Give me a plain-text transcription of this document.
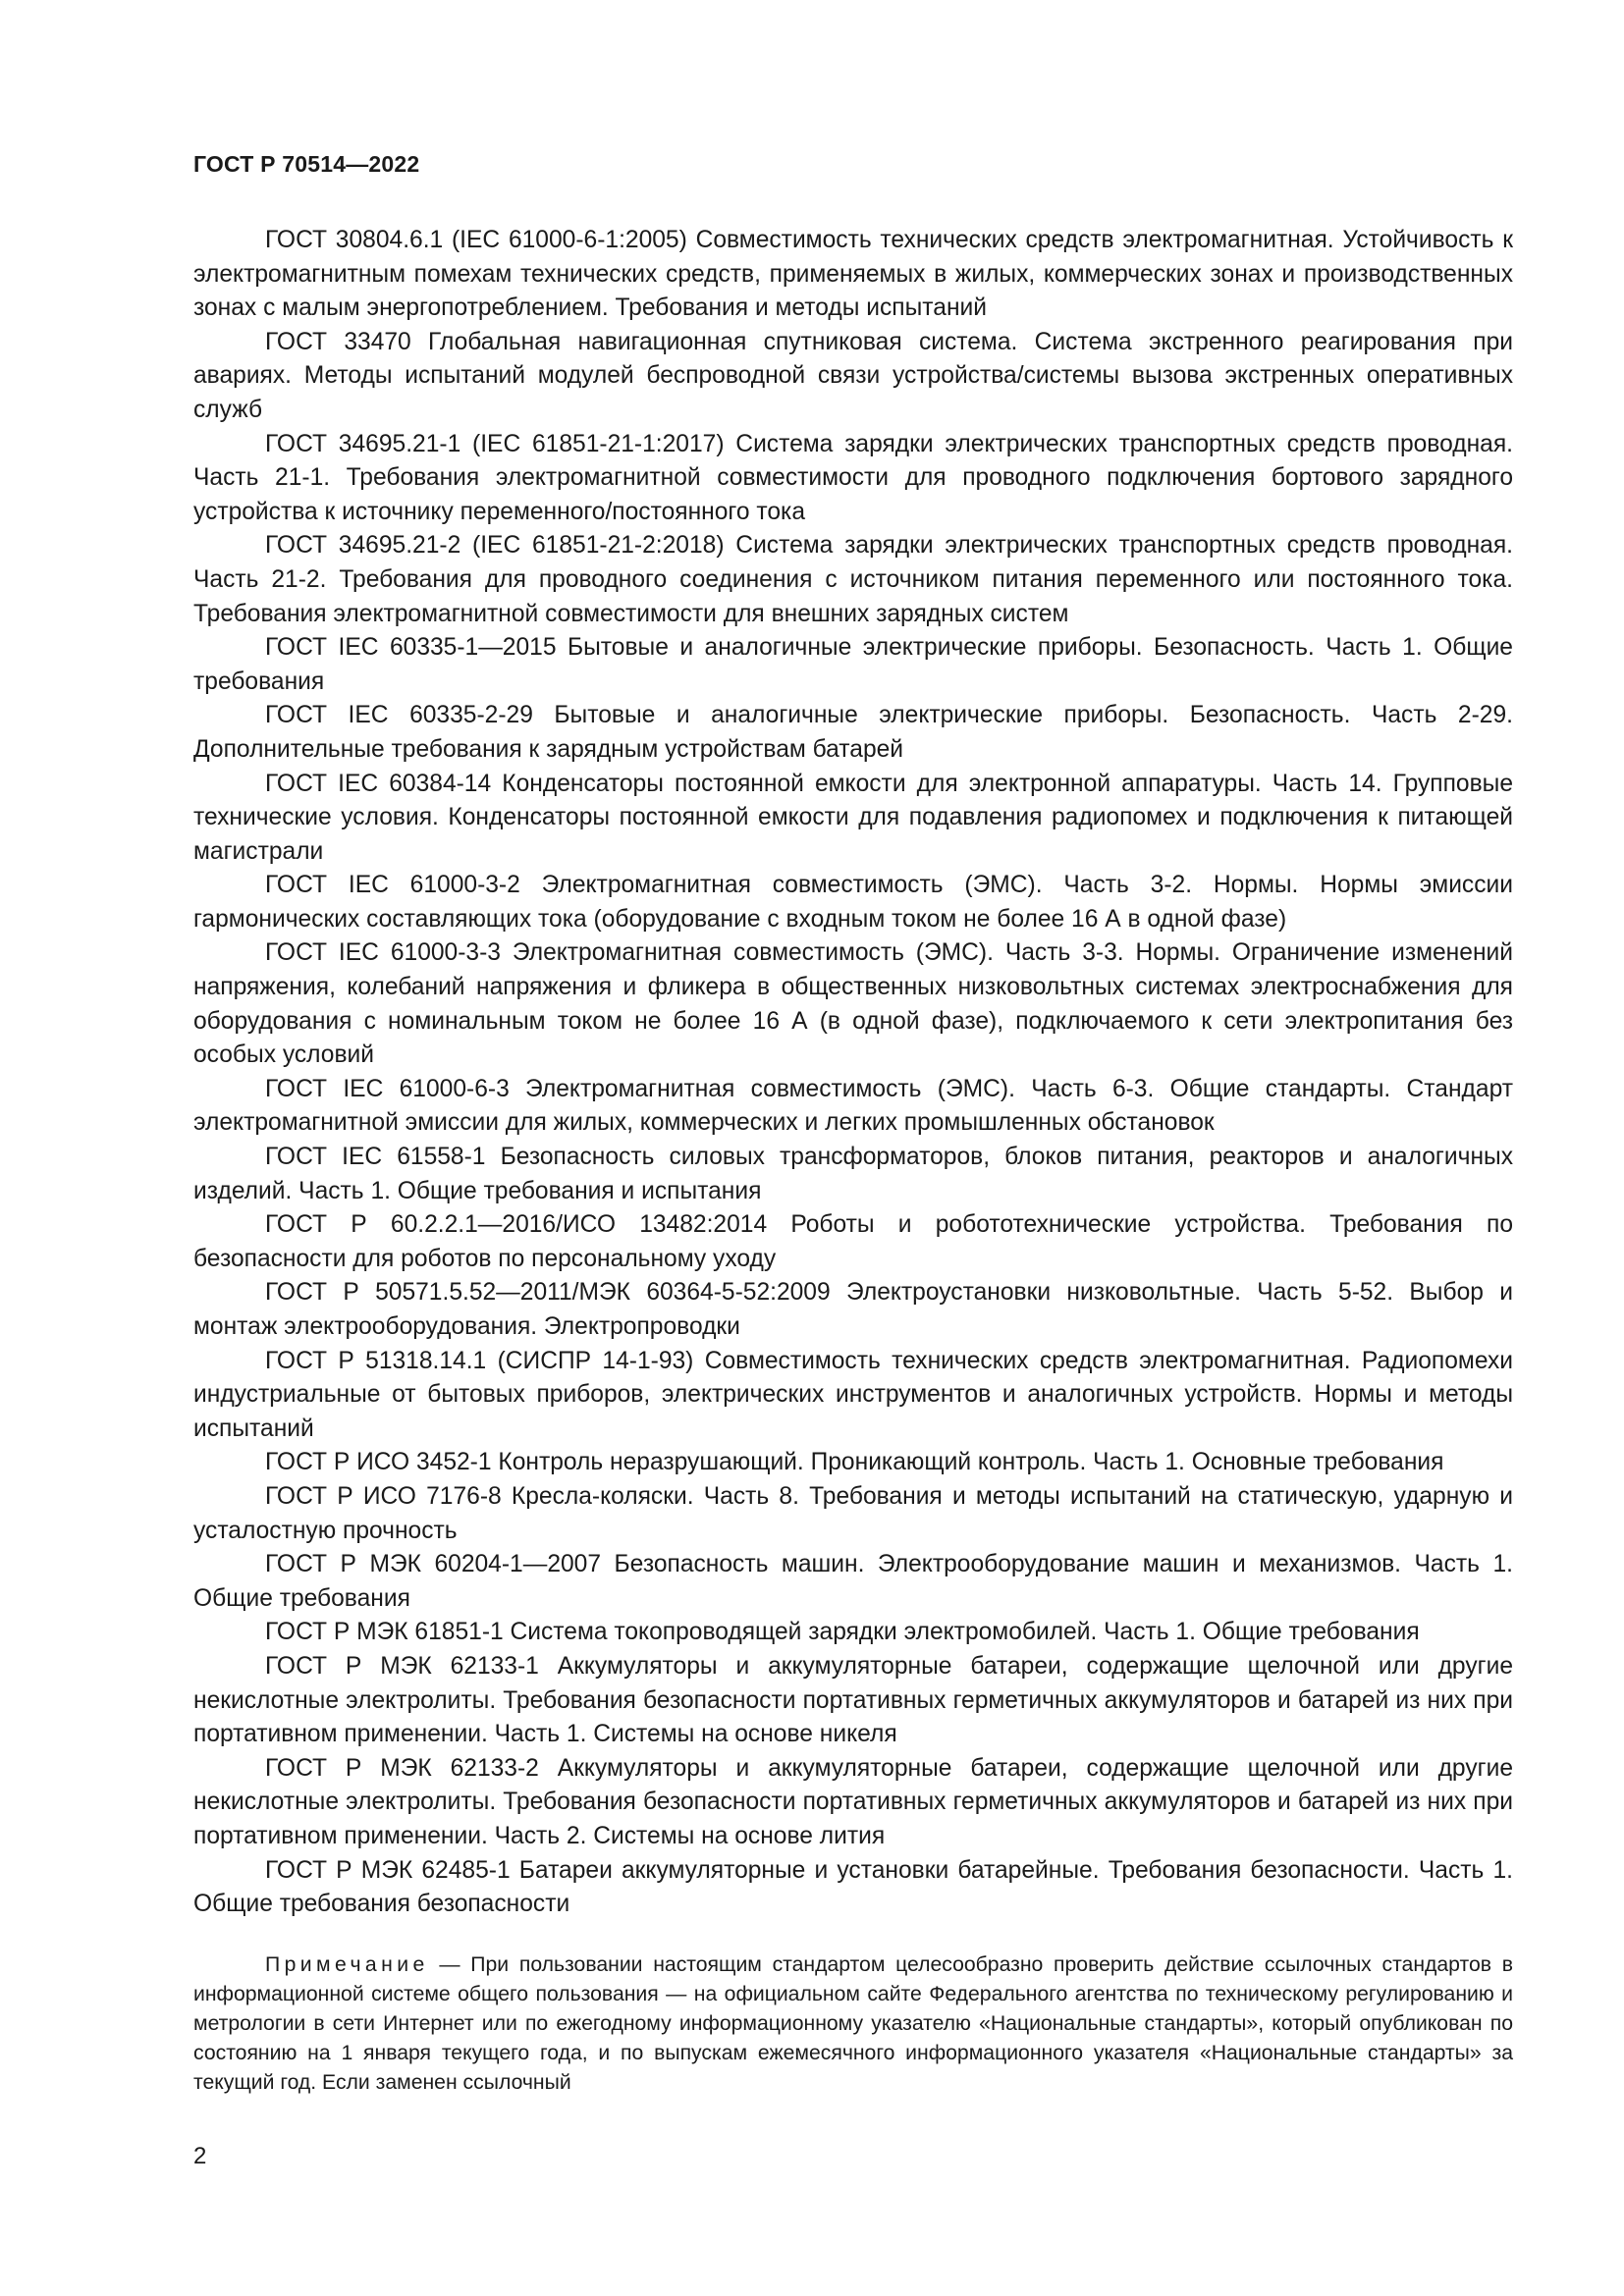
ГОСТ Р 70514—2022

ГОСТ 30804.6.1 (IEC 61000-6-1:2005) Совместимость технических средств электромагнитная. Устойчивость к электромагнитным помехам технических средств, применяемых в жилых, коммерческих зонах и производственных зонах с малым энергопотреблением. Требования и методы испытаний

ГОСТ 33470 Глобальная навигационная спутниковая система. Система экстренного реагирования при авариях. Методы испытаний модулей беспроводной связи устройства/системы вызова экстренных оперативных служб

ГОСТ 34695.21-1 (IEC 61851-21-1:2017) Система зарядки электрических транспортных средств проводная. Часть 21-1. Требования электромагнитной совместимости для проводного подключения бортового зарядного устройства к источнику переменного/постоянного тока

ГОСТ 34695.21-2 (IEC 61851-21-2:2018) Система зарядки электрических транспортных средств проводная. Часть 21-2. Требования для проводного соединения с источником питания переменного или постоянного тока. Требования электромагнитной совместимости для внешних зарядных систем

ГОСТ IEC 60335-1—2015 Бытовые и аналогичные электрические приборы. Безопасность. Часть 1. Общие требования

ГОСТ IEC 60335-2-29 Бытовые и аналогичные электрические приборы. Безопасность. Часть 2-29. Дополнительные требования к зарядным устройствам батарей

ГОСТ IEC 60384-14 Конденсаторы постоянной емкости для электронной аппаратуры. Часть 14. Групповые технические условия. Конденсаторы постоянной емкости для подавления радиопомех и подключения к питающей магистрали

ГОСТ IEC 61000-3-2 Электромагнитная совместимость (ЭМС). Часть 3-2. Нормы. Нормы эмиссии гармонических составляющих тока (оборудование с входным током не более 16 А в одной фазе)

ГОСТ IEC 61000-3-3 Электромагнитная совместимость (ЭМС). Часть 3-3. Нормы. Ограничение изменений напряжения, колебаний напряжения и фликера в общественных низковольтных системах электроснабжения для оборудования с номинальным током не более 16 А (в одной фазе), подключаемого к сети электропитания без особых условий

ГОСТ IEC 61000-6-3 Электромагнитная совместимость (ЭМС). Часть 6-3. Общие стандарты. Стандарт электромагнитной эмиссии для жилых, коммерческих и легких промышленных обстановок

ГОСТ IEC 61558-1 Безопасность силовых трансформаторов, блоков питания, реакторов и аналогичных изделий. Часть 1. Общие требования и испытания

ГОСТ Р 60.2.2.1—2016/ИСО 13482:2014 Роботы и робототехнические устройства. Требования по безопасности для роботов по персональному уходу

ГОСТ Р 50571.5.52—2011/МЭК 60364-5-52:2009 Электроустановки низковольтные. Часть 5-52. Выбор и монтаж электрооборудования. Электропроводки

ГОСТ Р 51318.14.1 (СИСПР 14-1-93) Совместимость технических средств электромагнитная. Радиопомехи индустриальные от бытовых приборов, электрических инструментов и аналогичных устройств. Нормы и методы испытаний

ГОСТ Р ИСО 3452-1 Контроль неразрушающий. Проникающий контроль. Часть 1. Основные требования

ГОСТ Р ИСО 7176-8 Кресла-коляски. Часть 8. Требования и методы испытаний на статическую, ударную и усталостную прочность

ГОСТ Р МЭК 60204-1—2007 Безопасность машин. Электрооборудование машин и механизмов. Часть 1. Общие требования

ГОСТ Р МЭК 61851-1 Система токопроводящей зарядки электромобилей. Часть 1. Общие требования

ГОСТ Р МЭК 62133-1 Аккумуляторы и аккумуляторные батареи, содержащие щелочной или другие некислотные электролиты. Требования безопасности портативных герметичных аккумуляторов и батарей из них при портативном применении. Часть 1. Системы на основе никеля

ГОСТ Р МЭК 62133-2 Аккумуляторы и аккумуляторные батареи, содержащие щелочной или другие некислотные электролиты. Требования безопасности портативных герметичных аккумуляторов и батарей из них при портативном применении. Часть 2. Системы на основе лития

ГОСТ Р МЭК 62485-1 Батареи аккумуляторные и установки батарейные. Требования безопасности. Часть 1. Общие требования безопасности

Примечание — При пользовании настоящим стандартом целесообразно проверить действие ссылочных стандартов в информационной системе общего пользования — на официальном сайте Федерального агентства по техническому регулированию и метрологии в сети Интернет или по ежегодному информационному указателю «Национальные стандарты», который опубликован по состоянию на 1 января текущего года, и по выпускам ежемесячного информационного указателя «Национальные стандарты» за текущий год. Если заменен ссылочный

2
